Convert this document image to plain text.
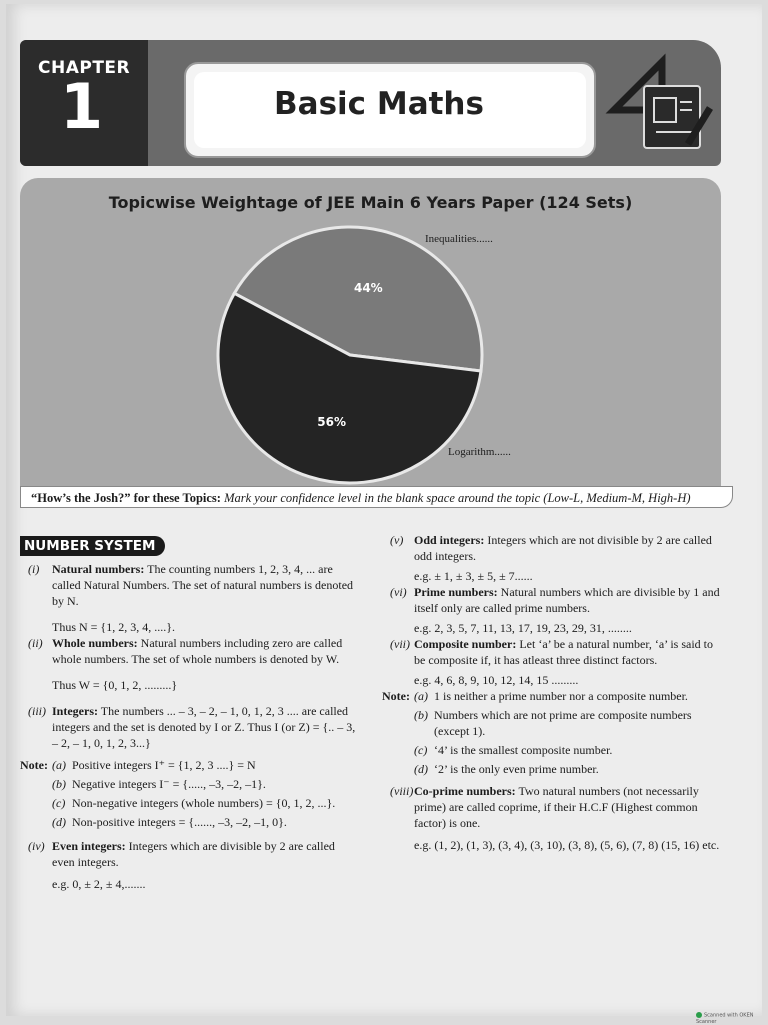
CHAPTER
1	Basic Maths
Topicwise Weightage of JEE Main 6 Years Paper (124 Sets)
44%
56%
Inequalities......
Logarithm......
“How’s the Josh?” for these Topics: Mark your confidence level in the blank space around the topic (Low-L, Medium-M, High-H)
NUMBER SYSTEM
(i) Natural numbers: The counting numbers 1, 2, 3, 4, ... are called Natural Numbers. The set of natural numbers is denoted by N.

Thus N = {1, 2, 3, 4, ....}.

(ii) Whole numbers: Natural numbers including zero are called whole numbers. The set of whole numbers is denoted by W.

Thus W = {0, 1, 2, .........}

(iii) Integers: The numbers ... – 3, – 2, – 1, 0, 1, 2, 3 .... are called integers and the set is denoted by I or Z. Thus I (or Z) = {.. – 3, – 2, – 1, 0, 1, 2, 3...}

Note: (a) Positive integers I⁺ = {1, 2, 3 ....} = N
(b) Negative integers I⁻ = {....., –3, –2, –1}.
(c) Non-negative integers (whole numbers) = {0, 1, 2, ...}.
(d) Non-positive integers = {......, –3, –2, –1, 0}.
(iv) Even integers: Integers which are divisible by 2 are called even integers.

e.g. 0, ± 2, ± 4,.......

(v) Odd integers: Integers which are not divisible by 2 are called odd integers.

e.g. ± 1, ± 3, ± 5, ± 7......

(vi) Prime numbers: Natural numbers which are divisible by 1 and itself only are called prime numbers.

e.g. 2, 3, 5, 7, 11, 13, 17, 19, 23, 29, 31, ........

(vii) Composite number: Let ‘a’ be a natural number, ‘a’ is said to be composite if, it has atleast three distinct factors.

e.g. 4, 6, 8, 9, 10, 12, 14, 15 .........

Note: (a) 1 is neither a prime number nor a composite number.
(b) Numbers which are not prime are composite numbers (except 1).
(c) ‘4’ is the smallest composite number.
(d) ‘2’ is the only even prime number.
(viii) Co-prime numbers: Two natural numbers (not necessarily prime) are called coprime, if their H.C.F (Highest common factor) is one.

e.g. (1, 2), (1, 3), (3, 4), (3, 10), (3, 8), (5, 6), (7, 8) (15, 16) etc.

Scanned with OKEN Scanner
